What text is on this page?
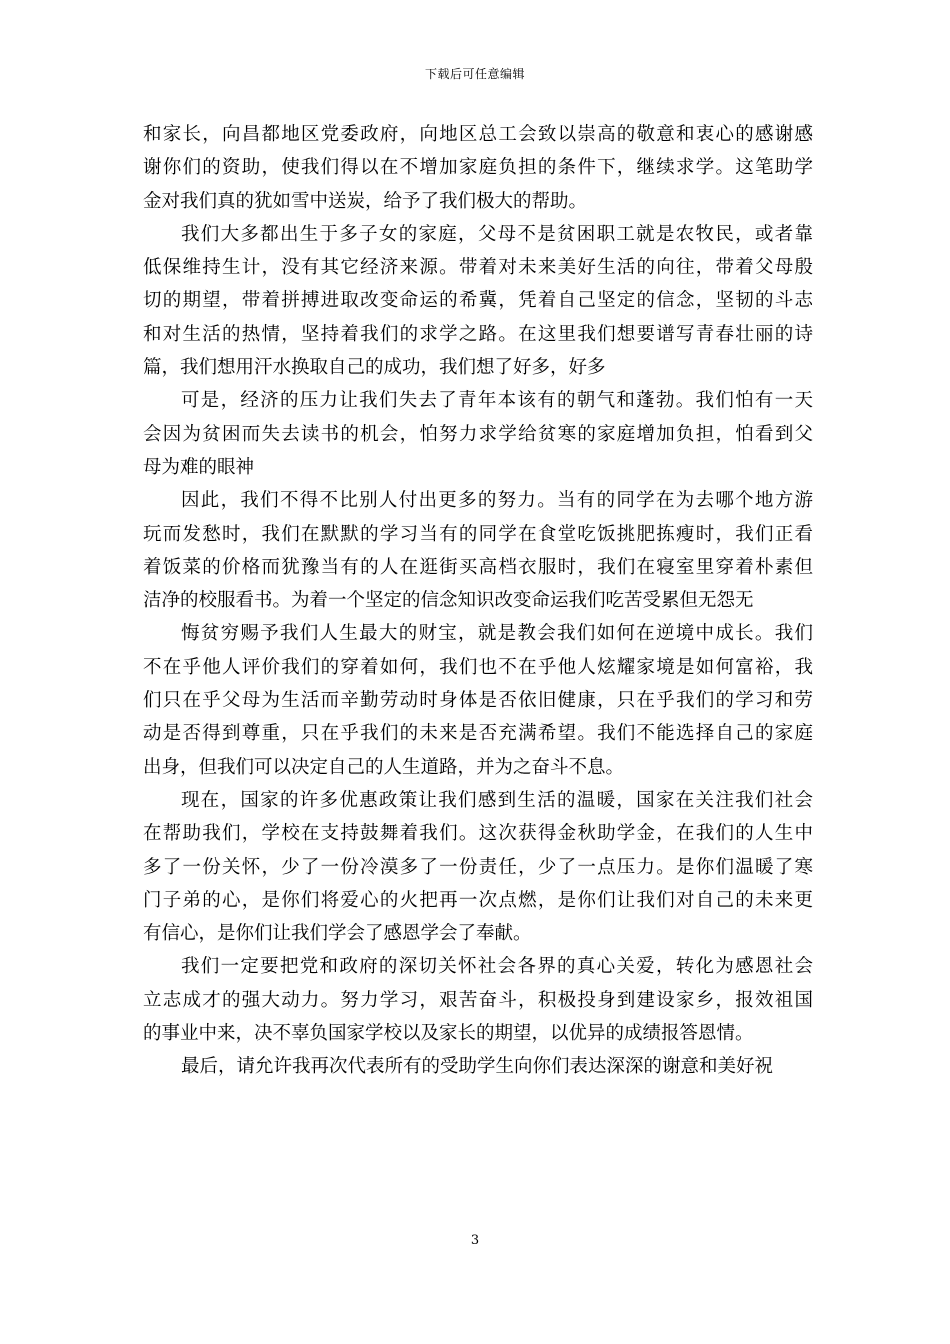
下载后可任意编辑
和家长，向昌都地区党委政府，向地区总工会致以崇高的敬意和衷心的感谢感
谢你们的资助，使我们得以在不增加家庭负担的条件下，继续求学。这笔助学
金对我们真的犹如雪中送炭，给予了我们极大的帮助。
我们大多都出生于多子女的家庭，父母不是贫困职工就是农牧民，或者靠
低保维持生计，没有其它经济来源。带着对未来美好生活的向往，带着父母殷
切的期望，带着拼搏进取改变命运的希冀，凭着自己坚定的信念，坚韧的斗志
和对生活的热情，坚持着我们的求学之路。在这里我们想要谱写青春壮丽的诗
篇，我们想用汗水换取自己的成功，我们想了好多，好多
可是，经济的压力让我们失去了青年本该有的朝气和蓬勃。我们怕有一天
会因为贫困而失去读书的机会，怕努力求学给贫寒的家庭增加负担，怕看到父
母为难的眼神
因此，我们不得不比别人付出更多的努力。当有的同学在为去哪个地方游
玩而发愁时，我们在默默的学习当有的同学在食堂吃饭挑肥拣瘦时，我们正看
着饭菜的价格而犹豫当有的人在逛街买高档衣服时，我们在寝室里穿着朴素但
洁净的校服看书。为着一个坚定的信念知识改变命运我们吃苦受累但无怨无
悔贫穷赐予我们人生最大的财宝，就是教会我们如何在逆境中成长。我们
不在乎他人评价我们的穿着如何，我们也不在乎他人炫耀家境是如何富裕，我
们只在乎父母为生活而辛勤劳动时身体是否依旧健康，只在乎我们的学习和劳
动是否得到尊重，只在乎我们的未来是否充满希望。我们不能选择自己的家庭
出身，但我们可以决定自己的人生道路，并为之奋斗不息。
现在，国家的许多优惠政策让我们感到生活的温暖，国家在关注我们社会
在帮助我们，学校在支持鼓舞着我们。这次获得金秋助学金，在我们的人生中
多了一份关怀，少了一份冷漠多了一份责任，少了一点压力。是你们温暖了寒
门子弟的心，是你们将爱心的火把再一次点燃，是你们让我们对自己的未来更
有信心，是你们让我们学会了感恩学会了奉献。
我们一定要把党和政府的深切关怀社会各界的真心关爱，转化为感恩社会
立志成才的强大动力。努力学习，艰苦奋斗，积极投身到建设家乡，报效祖国
的事业中来，决不辜负国家学校以及家长的期望，以优异的成绩报答恩情。
最后，请允许我再次代表所有的受助学生向你们表达深深的谢意和美好祝
3
